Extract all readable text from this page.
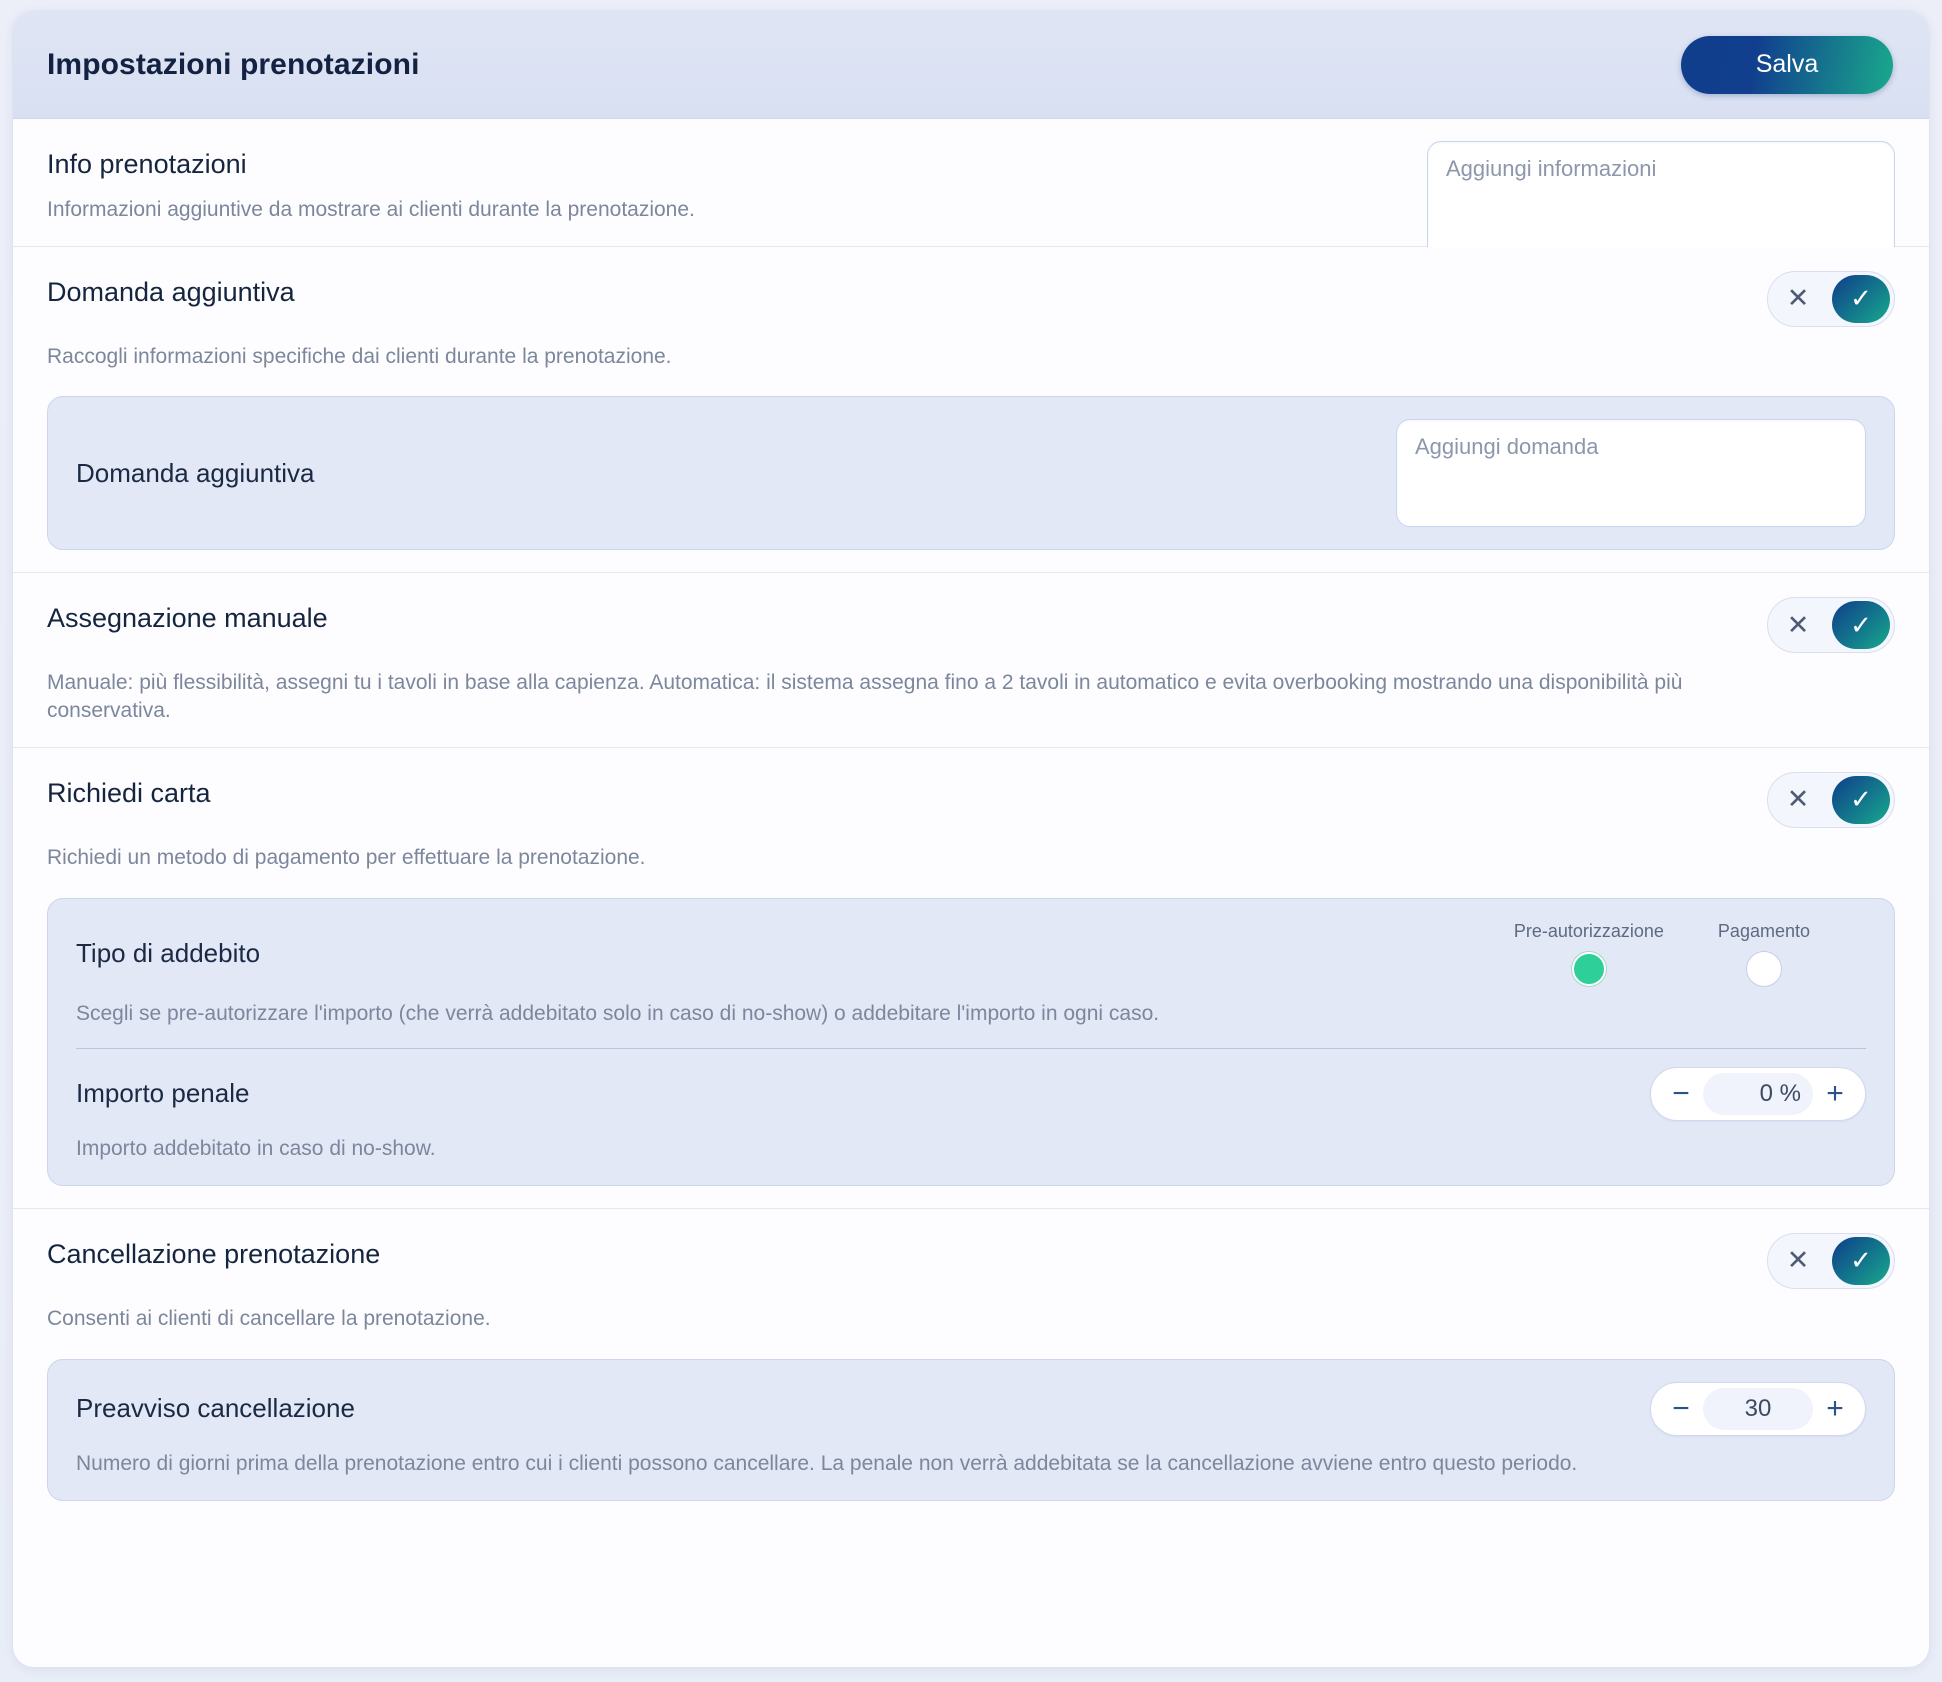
Impostazioni prenotazioni	Salva
Info prenotazioni
Aggiungi informazioni
Informazioni aggiuntive da mostrare ai clienti durante la prenotazione.
Domanda aggiuntiva	✕	✓
Raccogli informazioni specifiche dai clienti durante la prenotazione.
Domanda aggiuntiva
Aggiungi domanda
Assegnazione manuale	✕	✓
Manuale: più flessibilità, assegni tu i tavoli in base alla capienza. Automatica: il sistema assegna fino a 2 tavoli in automatico e evita overbooking mostrando una disponibilità più conservativa.
Richiedi carta	✕	✓
Richiedi un metodo di pagamento per effettuare la prenotazione.
Tipo di addebito
Pre-autorizzazione	Pagamento
Scegli se pre-autorizzare l'importo (che verrà addebitato solo in caso di no-show) o addebitare l'importo in ogni caso.
Importo penale	−	0 % +
Importo addebitato in caso di no-show.
Cancellazione prenotazione	✕	✓
Consenti ai clienti di cancellare la prenotazione.
Preavviso cancellazione	−	30	+
Numero di giorni prima della prenotazione entro cui i clienti possono cancellare. La penale non verrà addebitata se la cancellazione avviene entro questo periodo.
